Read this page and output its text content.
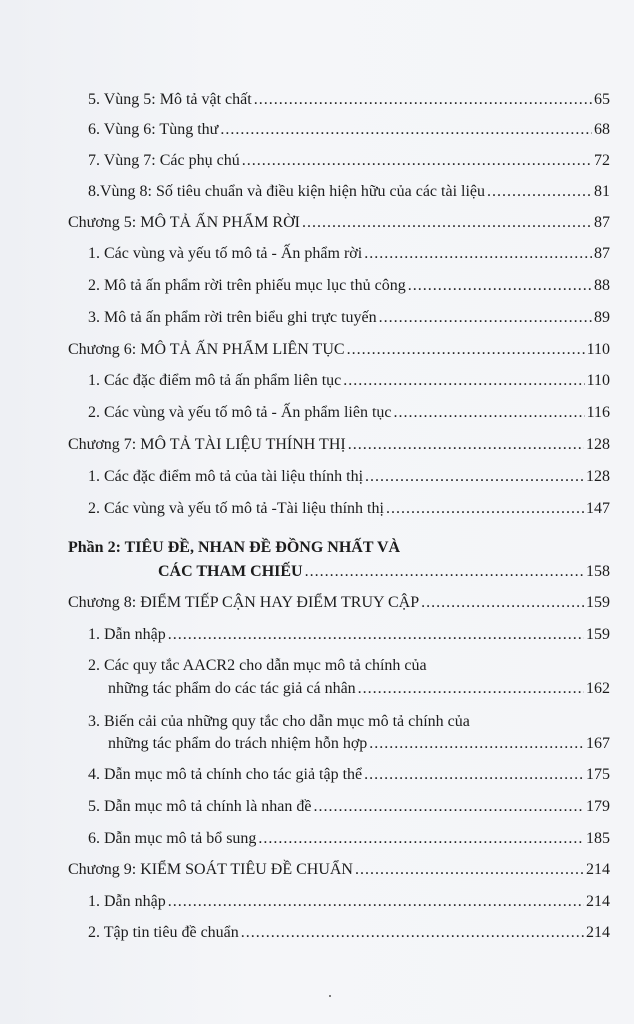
5. Vùng 5: Mô tả vật chất .....	65
6. Vùng 6: Tùng thư .....	68
7. Vùng 7: Các phụ chú .....	72
8.Vùng 8: Số tiêu chuẩn và điều kiện hiện hữu của các tài liệu .....	81
Chương 5: MÔ TẢ ẤN PHẨM RỜI .....	87
1. Các vùng và yếu tố mô tả - Ấn phẩm rời .....	87
2. Mô tả ấn phẩm rời trên phiếu mục lục thủ công .....	88
3. Mô tả ấn phẩm rời trên biểu ghi trực tuyến .....	89
Chương 6: MÔ TẢ ẤN PHẨM LIÊN TỤC .....	110
1. Các đặc điểm mô tả ấn phẩm liên tục .....	110
2. Các vùng và yếu tố mô tả - Ấn phẩm liên tục .....	116
Chương 7: MÔ TẢ TÀI LIỆU THÍNH THỊ .....	128
1. Các đặc điểm mô tả của tài liệu thính thị .....	128
2. Các vùng và yếu tố mô tả -Tài liệu thính thị .....	147
Phần 2: TIÊU ĐỀ, NHAN ĐỀ ĐỒNG NHẤT VÀ
CÁC THAM CHIẾU .....	158
Chương 8: ĐIỂM TIẾP CẬN HAY ĐIỂM TRUY CẬP .....	159
1. Dẫn nhập .....	159
2. Các quy tắc AACR2 cho dẫn mục mô tả chính của
những tác phẩm do các tác giả cá nhân .....	162
3. Biến cải của những quy tắc cho dẫn mục mô tả chính của
những tác phẩm do trách nhiệm hỗn hợp .....	167
4. Dẫn mục mô tả chính cho tác giả tập thể .....	175
5. Dẫn mục mô tả chính là nhan đề .....	179
6. Dẫn mục mô tả bổ sung .....	185
Chương 9: KIỂM SOÁT TIÊU ĐỀ CHUẨN .....	214
1. Dẫn nhập .....	214
2. Tập tin tiêu đề chuẩn .....	214
